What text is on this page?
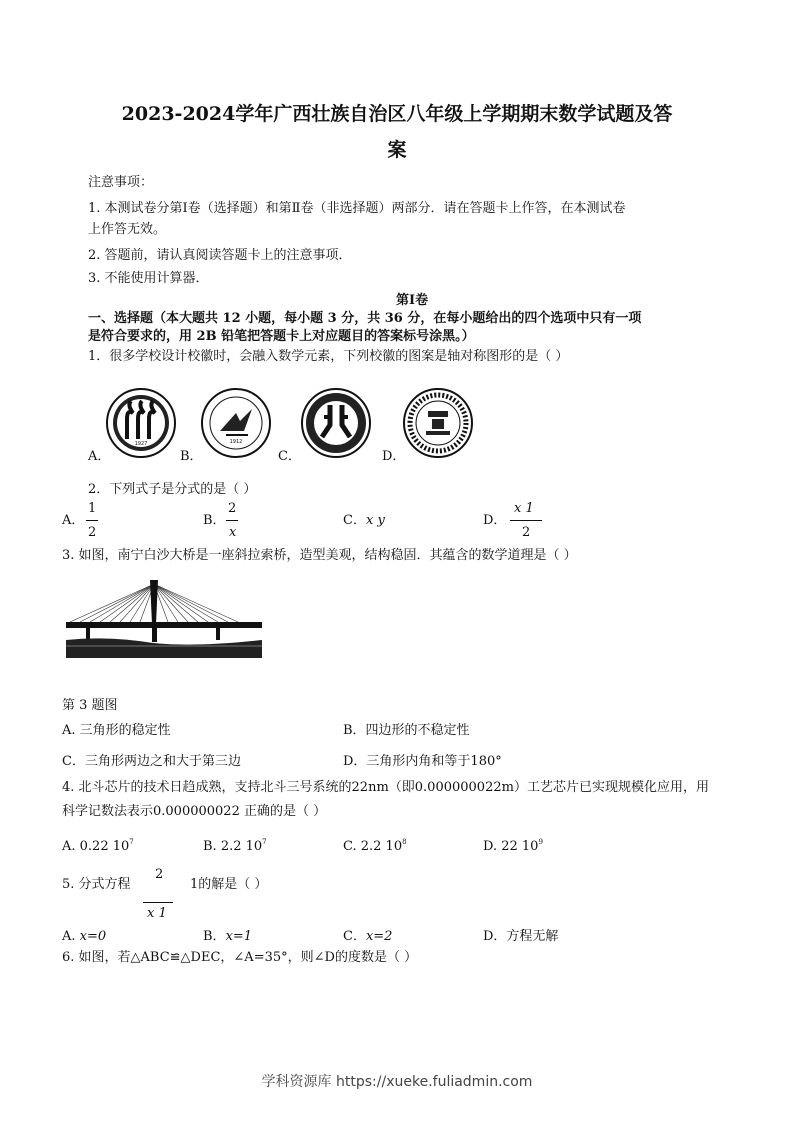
2023-2024学年广西壮族自治区八年级上学期期末数学试题及答
案
注意事项：
1. 本测试卷分第Ⅰ卷（选择题）和第Ⅱ卷（非选择题）两部分．请在答题卡上作答，在本测试卷
上作答无效。
2. 答题前，请认真阅读答题卡上的注意事项．
3. 不能使用计算器．
第Ⅰ卷
一、选择题（本大题共 12 小题，每小题 3 分，共 36 分，在每小题给出的四个选项中只有一项
是符合要求的，用 2B 铅笔把答题卡上对应题目的答案标号涂黑。）
1．很多学校设计校徽时，会融入数学元素，下列校徽的图案是轴对称图形的是（ ）
1927	1912
A．	B．	C．	D．
2．下列式子是分式的是（ ）
A．
1
2
B．
2
x
C． x y	D．
x 1
2
3. 如图，南宁白沙大桥是一座斜拉索桥，造型美观，结构稳固．其蕴含的数学道理是（ ）
第 3 题图
A. 三角形的稳定性	B．四边形的不稳定性
C．三角形两边之和大于第三边	D．三角形内角和等于180°
4. 北斗芯片的技术日趋成熟，支持北斗三号系统的22nm（即0.000000022m）工艺芯片已实现规模化应用，用
科学记数法表示0.000000022 正确的是（ ）
A. 0.22 $10^7$	B. 2.2 $10^7$	C. 2.2 $10^8$	D. 22 $10^9$
5. 分式方程
2
x 1
1的解是（ ）
A. x=0	B．x=1	C．x=2	D．方程无解
6. 如图，若△ABC≌△DEC，∠A=35°，则∠D的度数是（ ）
学科资源库 https://xueke.fuliadmin.com
